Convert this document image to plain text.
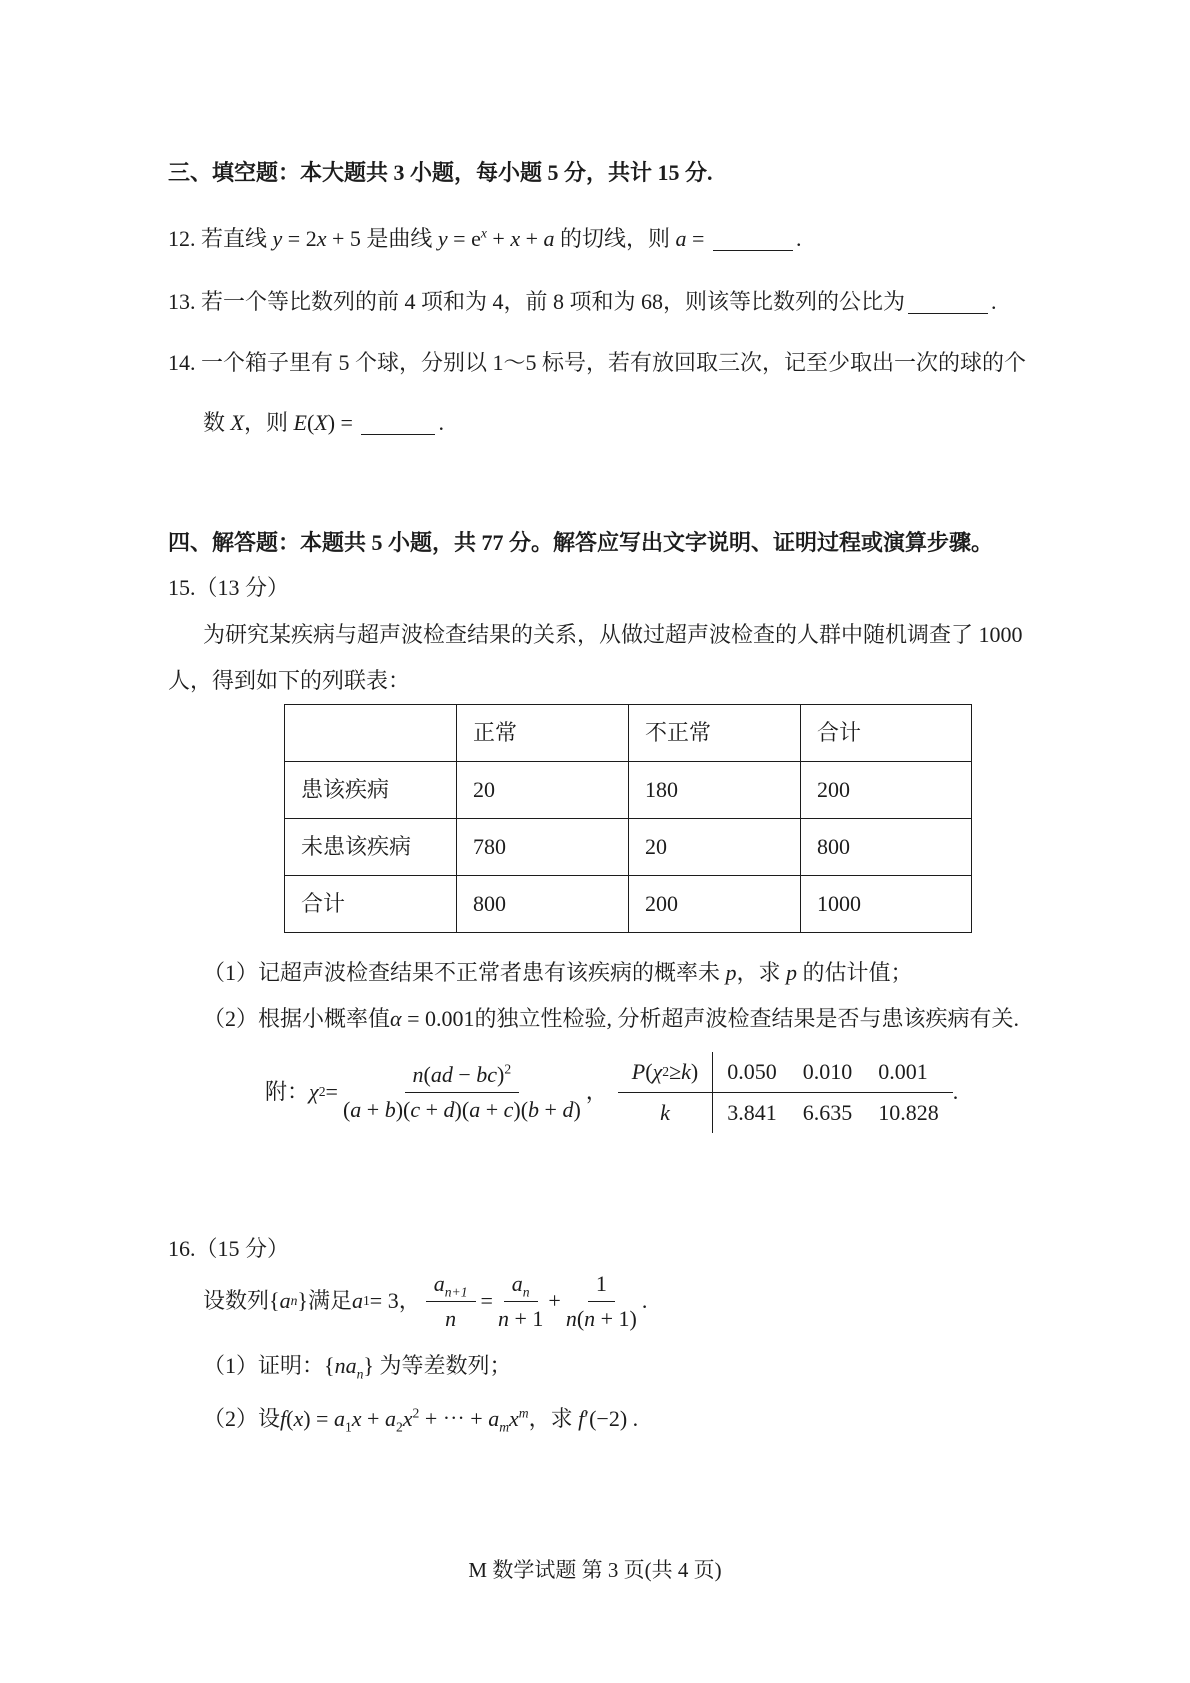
三、填空题：本大题共 3 小题，每小题 5 分，共计 15 分.
12. 若直线 y = 2x + 5 是曲线 $y = e^x + x + a$ 的切线，则 a =	.
13. 若一个等比数列的前 4 项和为 4，前 8 项和为 68，则该等比数列的公比为	.
14. 一个箱子里有 5 个球，分别以 1～5 标号，若有放回取三次，记至少取出一次的球的个
数 X，则 E(X) =	.
四、解答题：本题共 5 小题，共 77 分。解答应写出文字说明、证明过程或演算步骤。
15.（13 分）
为研究某疾病与超声波检查结果的关系，从做过超声波检查的人群中随机调查了 1000
人，得到如下的列联表：
	正常	不正常	合计
患该疾病	20	180	200
未患该疾病	780	20	800
合计	800	200	1000
（1）记超声波检查结果不正常者患有该疾病的概率未 p，求 p 的估计值；
（2）根据小概率值α = 0.001的独立性检验, 分析超声波检查结果是否与患该疾病有关.
附： χ $2 = \frac{n(ad - bc)^2}{(a + b)(c + d)(a + c)(b + d)}$ ，
P ( χ 2 ≥ k ) 0.050 0.010 0.001
k	3.841 6.635 10.828
.
16.（15 分）
设数列 { a n } 满足 a 1 = 3 ， $\frac{a_{n+1}}{n} = \frac{a_n}{n + 1} + \frac{1}{n(n + 1)}$ .
（1）证明：$\{na_n\}$ 为等差数列；
（2）设$f(x) = a_1x + a_2x^2$ + ⋯ + $a_mx^m$，求 f′(−2) .
M 数学试题 第 3 页(共 4 页)
